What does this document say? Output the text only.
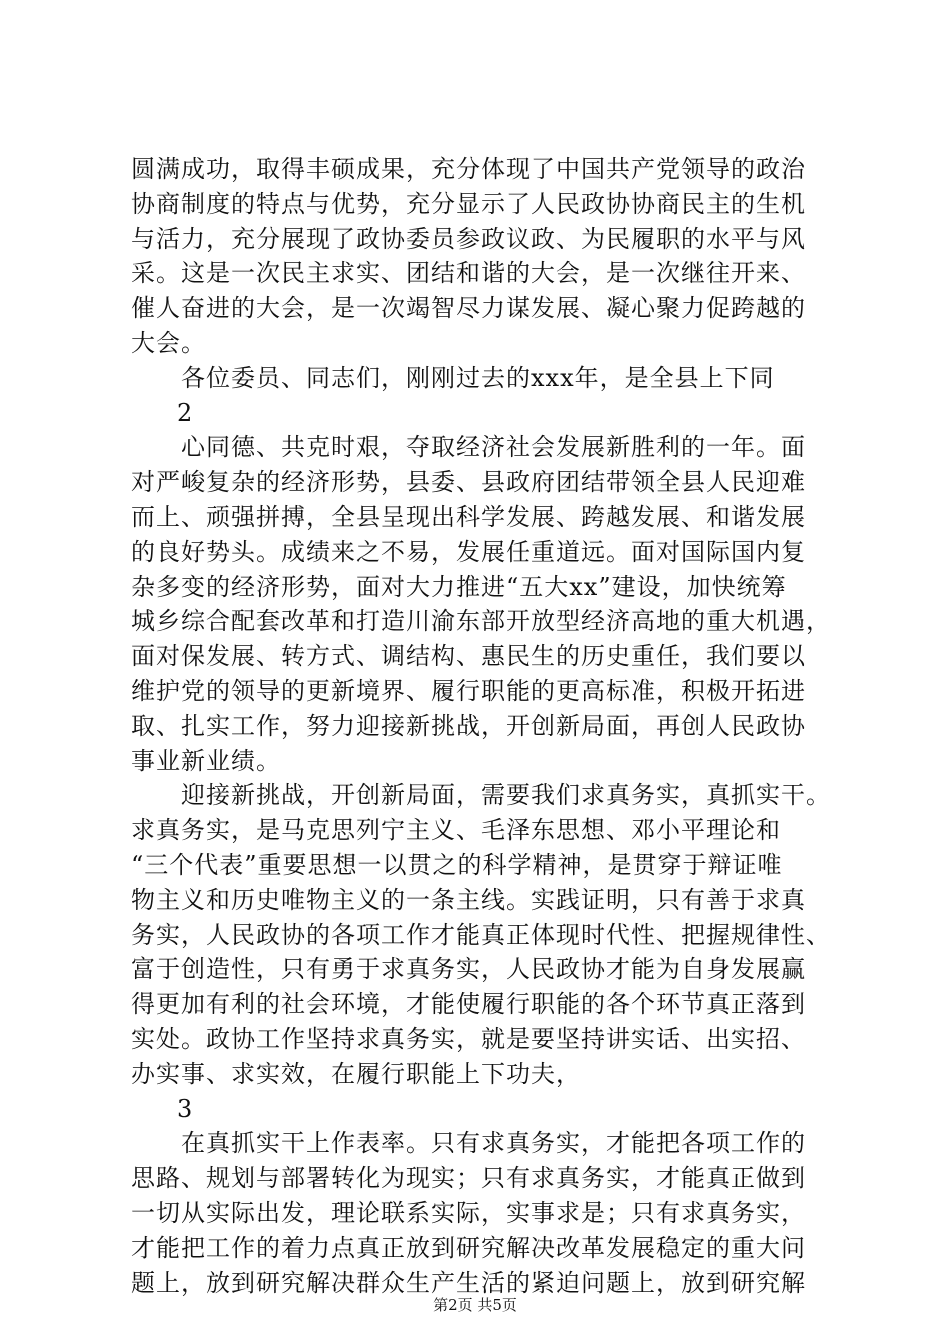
圆满成功，取得丰硕成果，充分体现了中国共产党领导的政治
协商制度的特点与优势，充分显示了人民政协协商民主的生机
与活力，充分展现了政协委员参政议政、为民履职的水平与风
采。这是一次民主求实、团结和谐的大会，是一次继往开来、
催人奋进的大会，是一次竭智尽力谋发展、凝心聚力促跨越的
大会。
各位委员、同志们，刚刚过去的xxx年，是全县上下同
2
心同德、共克时艰，夺取经济社会发展新胜利的一年。面
对严峻复杂的经济形势，县委、县政府团结带领全县人民迎难
而上、顽强拼搏，全县呈现出科学发展、跨越发展、和谐发展
的良好势头。成绩来之不易，发展任重道远。面对国际国内复
杂多变的经济形势，面对大力推进“五大xx”建设，加快统筹
城乡综合配套改革和打造川渝东部开放型经济高地的重大机遇，
面对保发展、转方式、调结构、惠民生的历史重任，我们要以
维护党的领导的更新境界、履行职能的更高标准，积极开拓进
取、扎实工作，努力迎接新挑战，开创新局面，再创人民政协
事业新业绩。
迎接新挑战，开创新局面，需要我们求真务实，真抓实干。
求真务实，是马克思列宁主义、毛泽东思想、邓小平理论和
“三个代表”重要思想一以贯之的科学精神，是贯穿于辩证唯
物主义和历史唯物主义的一条主线。实践证明，只有善于求真
务实，人民政协的各项工作才能真正体现时代性、把握规律性、
富于创造性，只有勇于求真务实，人民政协才能为自身发展赢
得更加有利的社会环境，才能使履行职能的各个环节真正落到
实处。政协工作坚持求真务实，就是要坚持讲实话、出实招、
办实事、求实效，在履行职能上下功夫，
3
在真抓实干上作表率。只有求真务实，才能把各项工作的
思路、规划与部署转化为现实；只有求真务实，才能真正做到
一切从实际出发，理论联系实际，实事求是；只有求真务实，
才能把工作的着力点真正放到研究解决改革发展稳定的重大问
题上，放到研究解决群众生产生活的紧迫问题上，放到研究解
第2页 共5页
